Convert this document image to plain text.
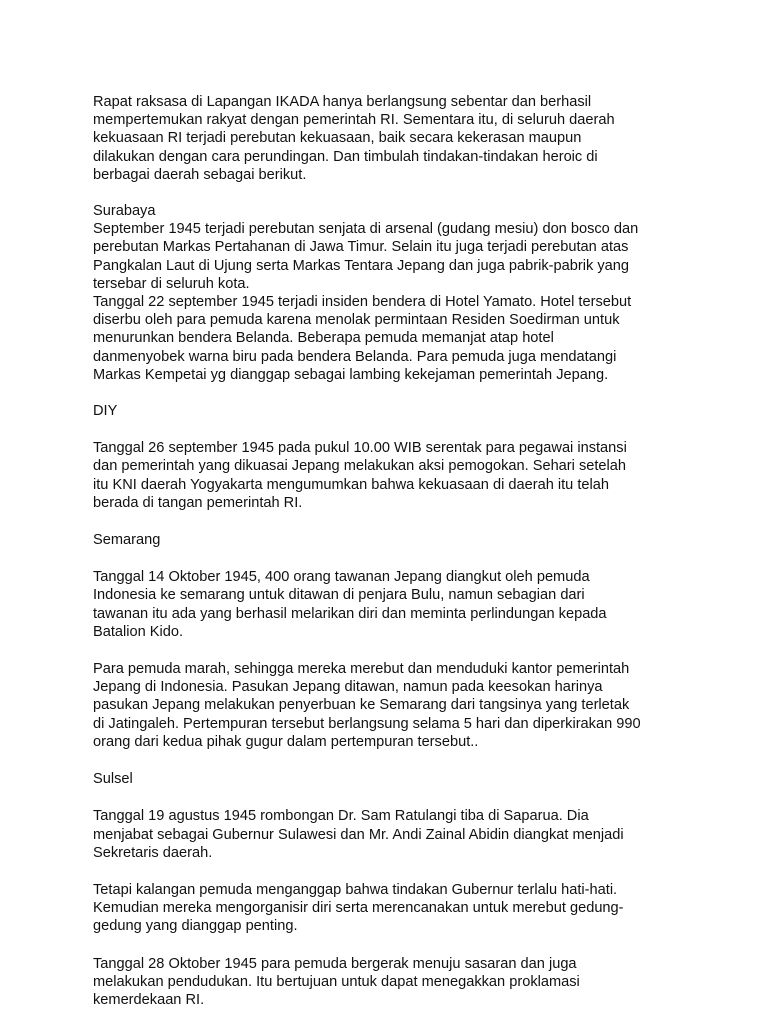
Rapat raksasa di Lapangan IKADA hanya berlangsung sebentar dan berhasil
mempertemukan rakyat dengan pemerintah RI. Sementara itu, di seluruh daerah
kekuasaan RI terjadi perebutan kekuasaan, baik secara kekerasan maupun
dilakukan dengan cara perundingan. Dan timbulah tindakan-tindakan heroic di
berbagai daerah sebagai berikut.

Surabaya

September 1945 terjadi perebutan senjata di arsenal (gudang mesiu) don bosco dan
perebutan Markas Pertahanan di Jawa Timur. Selain itu juga terjadi perebutan atas
Pangkalan Laut di Ujung serta Markas Tentara Jepang dan juga pabrik-pabrik yang
tersebar di seluruh kota.

Tanggal 22 september 1945 terjadi insiden bendera di Hotel Yamato. Hotel tersebut
diserbu oleh para pemuda karena menolak permintaan Residen Soedirman untuk
menurunkan bendera Belanda. Beberapa pemuda memanjat atap hotel
danmenyobek warna biru pada bendera Belanda. Para pemuda juga mendatangi
Markas Kempetai yg dianggap sebagai lambing kekejaman pemerintah Jepang.

DIY

Tanggal 26 september 1945 pada pukul 10.00 WIB serentak para pegawai instansi
dan pemerintah yang dikuasai Jepang melakukan aksi pemogokan. Sehari setelah
itu KNI daerah Yogyakarta mengumumkan bahwa kekuasaan di daerah itu telah
berada di tangan pemerintah RI.

Semarang

Tanggal 14 Oktober 1945, 400 orang tawanan Jepang diangkut oleh pemuda
Indonesia ke semarang untuk ditawan di penjara Bulu, namun sebagian dari
tawanan itu ada yang berhasil melarikan diri dan meminta perlindungan kepada
Batalion Kido.

Para pemuda marah, sehingga mereka merebut dan menduduki kantor pemerintah
Jepang di Indonesia. Pasukan Jepang ditawan, namun pada keesokan harinya
pasukan Jepang melakukan penyerbuan ke Semarang dari tangsinya yang terletak
di Jatingaleh. Pertempuran tersebut berlangsung selama 5 hari dan diperkirakan 990
orang dari kedua pihak gugur dalam pertempuran tersebut..

Sulsel

Tanggal 19 agustus 1945 rombongan Dr. Sam Ratulangi tiba di Saparua. Dia
menjabat sebagai Gubernur Sulawesi dan Mr. Andi Zainal Abidin diangkat menjadi
Sekretaris daerah.

Tetapi kalangan pemuda menganggap bahwa tindakan Gubernur terlalu hati-hati.
Kemudian mereka mengorganisir diri serta merencanakan untuk merebut gedung-
gedung yang dianggap penting.

Tanggal 28 Oktober 1945 para pemuda bergerak menuju sasaran dan juga
melakukan pendudukan. Itu bertujuan untuk dapat menegakkan proklamasi
kemerdekaan RI.
